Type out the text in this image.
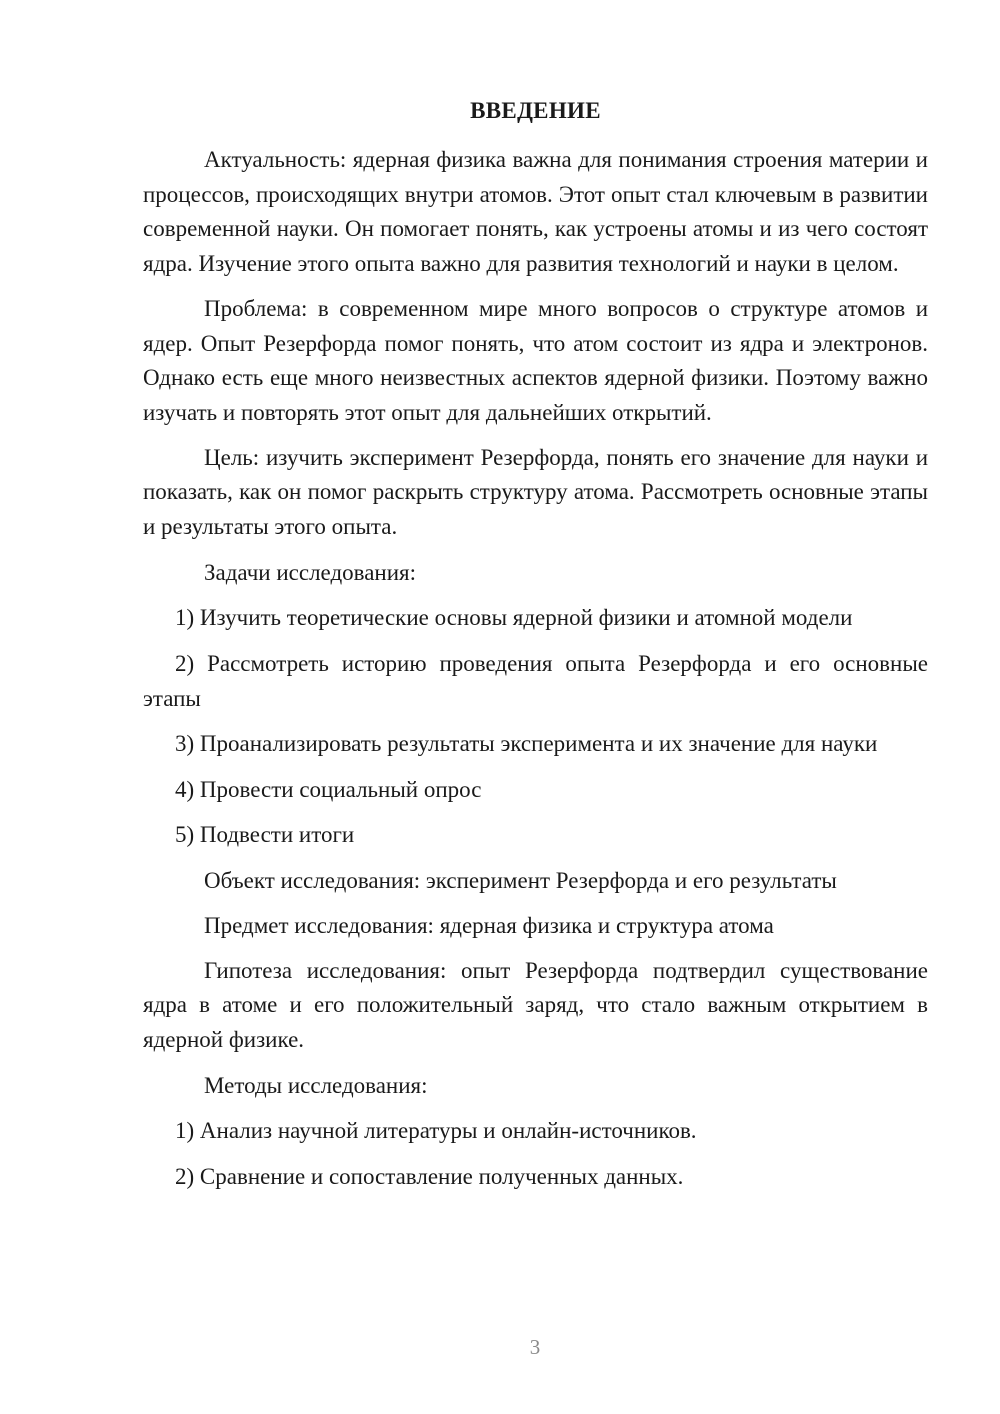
ВВЕДЕНИЕ

Актуальность: ядерная физика важна для понимания строения материи и процессов, происходящих внутри атомов. Этот опыт стал ключевым в развитии современной науки. Он помогает понять, как устроены атомы и из чего состоят ядра. Изучение этого опыта важно для развития технологий и науки в целом.

Проблема: в современном мире много вопросов о структуре атомов и ядер. Опыт Резерфорда помог понять, что атом состоит из ядра и электронов. Однако есть еще много неизвестных аспектов ядерной физики. Поэтому важно изучать и повторять этот опыт для дальнейших открытий.

Цель: изучить эксперимент Резерфорда, понять его значение для науки и показать, как он помог раскрыть структуру атома. Рассмотреть основные этапы и результаты этого опыта.

Задачи исследования:

1) Изучить теоретические основы ядерной физики и атомной модели

2) Рассмотреть историю проведения опыта Резерфорда и его основные этапы

3) Проанализировать результаты эксперимента и их значение для науки

4) Провести социальный опрос

5) Подвести итоги

Объект исследования: эксперимент Резерфорда и его результаты

Предмет исследования: ядерная физика и структура атома

Гипотеза исследования: опыт Резерфорда подтвердил существование ядра в атоме и его положительный заряд, что стало важным открытием в ядерной физике.

Методы исследования:

1) Анализ научной литературы и онлайн-источников.

2) Сравнение и сопоставление полученных данных.

3
